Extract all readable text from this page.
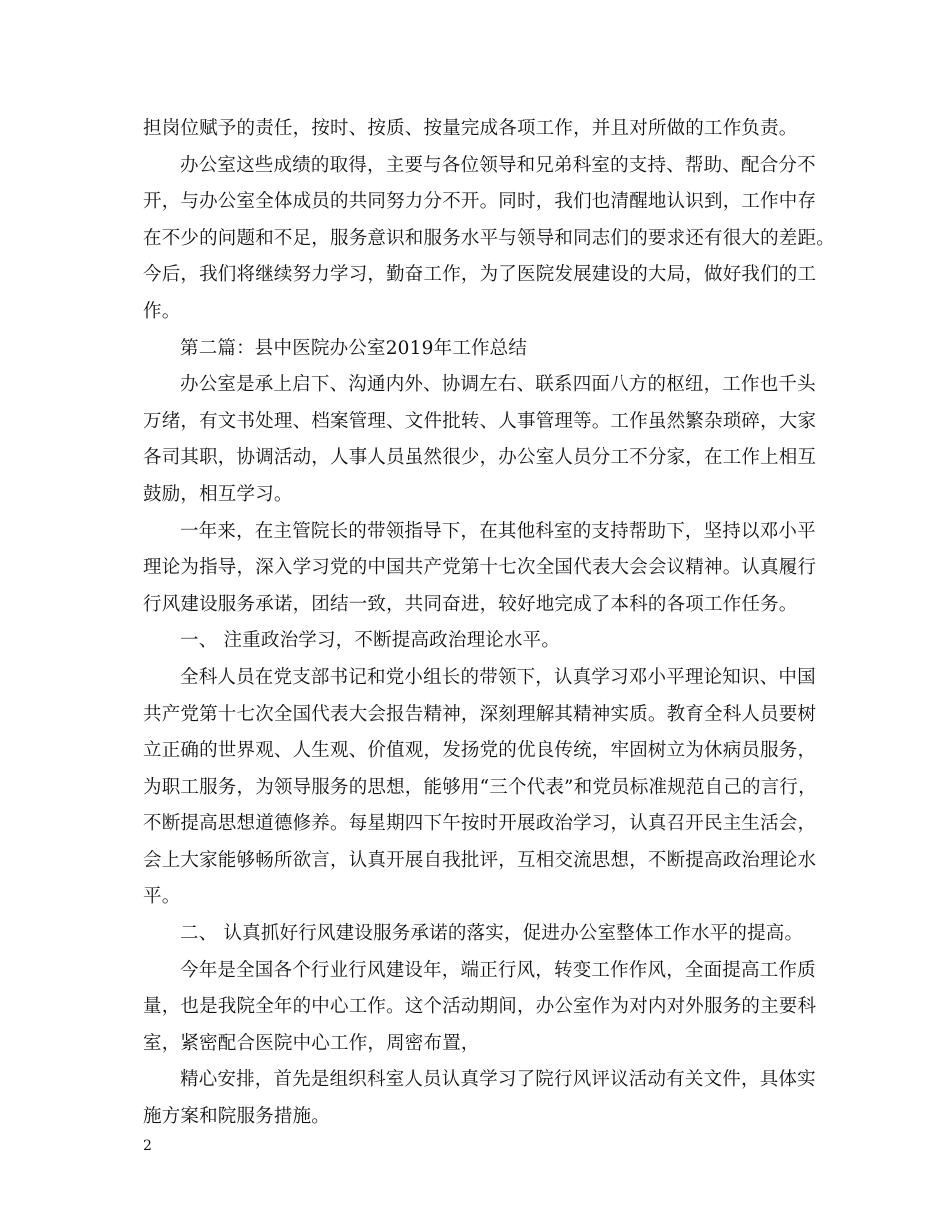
担岗位赋予的责任，按时、按质、按量完成各项工作，并且对所做的工作负责。
办公室这些成绩的取得，主要与各位领导和兄弟科室的支持、帮助、配合分不
开，与办公室全体成员的共同努力分不开。同时，我们也清醒地认识到，工作中存
在不少的问题和不足，服务意识和服务水平与领导和同志们的要求还有很大的差距。
今后，我们将继续努力学习，勤奋工作，为了医院发展建设的大局，做好我们的工
作。
第二篇：县中医院办公室2019年工作总结
办公室是承上启下、沟通内外、协调左右、联系四面八方的枢纽，工作也千头
万绪，有文书处理、档案管理、文件批转、人事管理等。工作虽然繁杂琐碎，大家
各司其职，协调活动，人事人员虽然很少，办公室人员分工不分家，在工作上相互
鼓励，相互学习。
一年来，在主管院长的带领指导下，在其他科室的支持帮助下，坚持以邓小平
理论为指导，深入学习党的中国共产党第十七次全国代表大会会议精神。认真履行
行风建设服务承诺，团结一致，共同奋进，较好地完成了本科的各项工作任务。
一、 注重政治学习，不断提高政治理论水平。
全科人员在党支部书记和党小组长的带领下，认真学习邓小平理论知识、中国
共产党第十七次全国代表大会报告精神，深刻理解其精神实质。教育全科人员要树
立正确的世界观、人生观、价值观，发扬党的优良传统，牢固树立为休病员服务，
为职工服务，为领导服务的思想，能够用“三个代表”和党员标准规范自己的言行，
不断提高思想道德修养。每星期四下午按时开展政治学习，认真召开民主生活会，
会上大家能够畅所欲言，认真开展自我批评，互相交流思想，不断提高政治理论水
平。
二、 认真抓好行风建设服务承诺的落实，促进办公室整体工作水平的提高。
今年是全国各个行业行风建设年，端正行风，转变工作作风，全面提高工作质
量，也是我院全年的中心工作。这个活动期间，办公室作为对内对外服务的主要科
室，紧密配合医院中心工作，周密布置，
精心安排，首先是组织科室人员认真学习了院行风评议活动有关文件，具体实
施方案和院服务措施。
2
